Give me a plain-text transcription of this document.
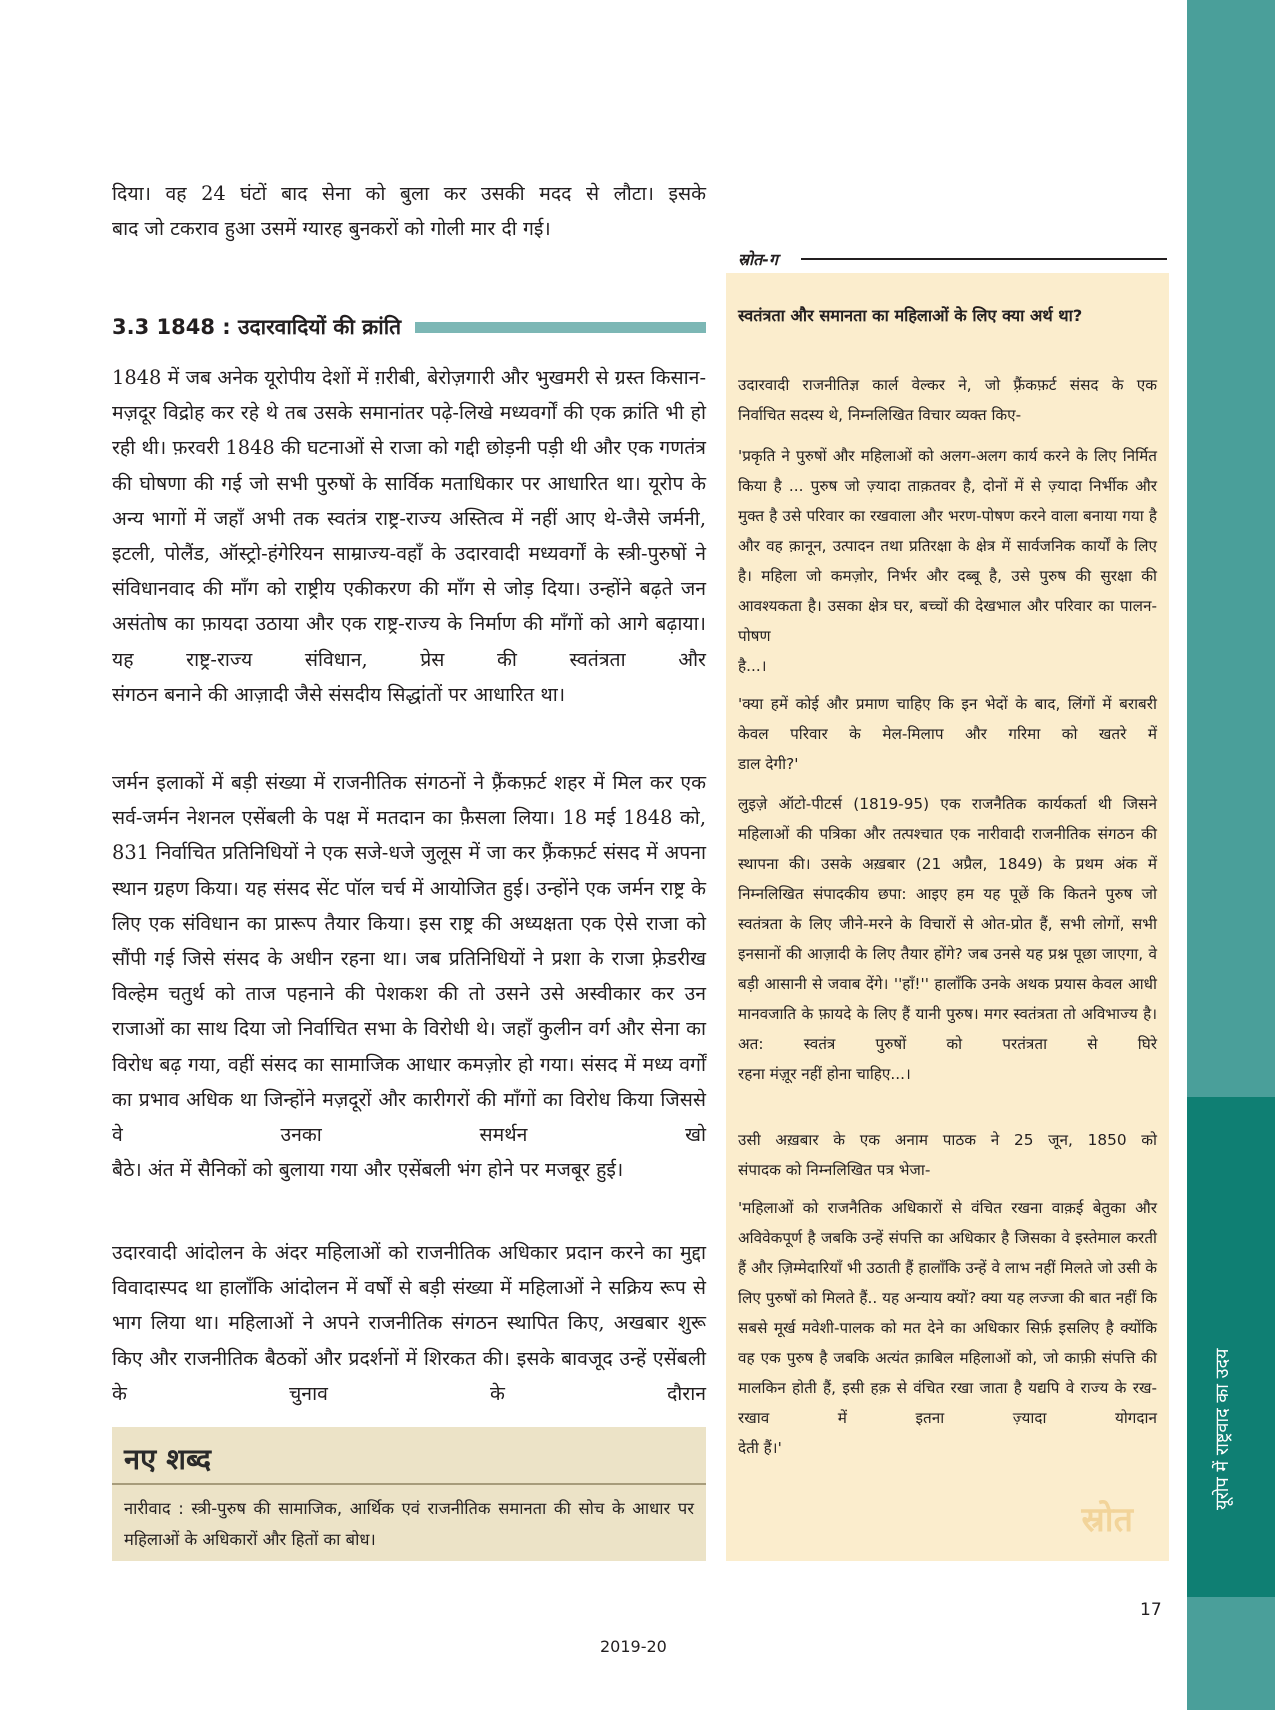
यूरोप में राष्ट्रवाद का उदय
दिया। वह 24 घंटों बाद सेना को बुला कर उसकी मदद से लौटा। इसके
बाद जो टकराव हुआ उसमें ग्यारह बुनकरों को गोली मार दी गई।
3.3 1848 : उदारवादियों की क्रांति
1848 में जब अनेक यूरोपीय देशों में ग़रीबी, बेरोज़गारी और भुखमरी से ग्रस्त किसान-मज़दूर विद्रोह कर रहे थे तब उसके समानांतर पढ़े-लिखे मध्यवर्गों की एक क्रांति भी हो रही थी। फ़रवरी 1848 की घटनाओं से राजा को गद्दी छोड़नी पड़ी थी और एक गणतंत्र की घोषणा की गई जो सभी पुरुषों के सार्विक मताधिकार पर आधारित था। यूरोप के अन्य भागों में जहाँ अभी तक स्वतंत्र राष्ट्र-राज्य अस्तित्व में नहीं आए थे-जैसे जर्मनी, इटली, पोलैंड, ऑस्ट्रो-हंगेरियन साम्राज्य-वहाँ के उदारवादी मध्यवर्गों के स्त्री-पुरुषों ने संविधानवाद की माँग को राष्ट्रीय एकीकरण की माँग से जोड़ दिया। उन्होंने बढ़ते जन असंतोष का फ़ायदा उठाया और एक राष्ट्र-राज्य के निर्माण की माँगों को आगे बढ़ाया। यह राष्ट्र-राज्य संविधान, प्रेस की स्वतंत्रता और
संगठन बनाने की आज़ादी जैसे संसदीय सिद्धांतों पर आधारित था।
जर्मन इलाकों में बड़ी संख्या में राजनीतिक संगठनों ने फ़्रैंकफ़र्ट शहर में मिल कर एक सर्व-जर्मन नेशनल एसेंबली के पक्ष में मतदान का फ़ैसला लिया। 18 मई 1848 को, 831 निर्वाचित प्रतिनिधियों ने एक सजे-धजे जुलूस में जा कर फ़्रैंकफ़र्ट संसद में अपना स्थान ग्रहण किया। यह संसद सेंट पॉल चर्च में आयोजित हुई। उन्होंने एक जर्मन राष्ट्र के लिए एक संविधान का प्रारूप तैयार किया। इस राष्ट्र की अध्यक्षता एक ऐसे राजा को सौंपी गई जिसे संसद के अधीन रहना था। जब प्रतिनिधियों ने प्रशा के राजा फ़्रेडरीख विल्हेम चतुर्थ को ताज पहनाने की पेशकश की तो उसने उसे अस्वीकार कर उन राजाओं का साथ दिया जो निर्वाचित सभा के विरोधी थे। जहाँ कुलीन वर्ग और सेना का विरोध बढ़ गया, वहीं संसद का सामाजिक आधार कमज़ोर हो गया। संसद में मध्य वर्गों का प्रभाव अधिक था जिन्होंने मज़दूरों और कारीगरों की माँगों का विरोध किया जिससे वे उनका समर्थन खो
बैठे। अंत में सैनिकों को बुलाया गया और एसेंबली भंग होने पर मजबूर हुई।
उदारवादी आंदोलन के अंदर महिलाओं को राजनीतिक अधिकार प्रदान करने का मुद्दा विवादास्पद था हालाँकि आंदोलन में वर्षों से बड़ी संख्या में महिलाओं ने सक्रिय रूप से भाग लिया था। महिलाओं ने अपने राजनीतिक संगठन स्थापित किए, अखबार शुरू किए और राजनीतिक बैठकों और प्रदर्शनों में शिरकत की। इसके बावजूद उन्हें एसेंबली के चुनाव के दौरान
नए शब्द
नारीवाद : स्त्री-पुरुष की सामाजिक, आर्थिक एवं राजनीतिक समानता की सोच के आधार पर महिलाओं के अधिकारों और हितों का बोध।
स्रोत-ग
स्वतंत्रता और समानता का महिलाओं के लिए क्या अर्थ था?
उदारवादी राजनीतिज्ञ कार्ल वेल्कर ने, जो फ़्रैंकफ़र्ट संसद के एक
निर्वाचित सदस्य थे, निम्नलिखित विचार व्यक्त किए-
'प्रकृति ने पुरुषों और महिलाओं को अलग-अलग कार्य करने के लिए निर्मित किया है ... पुरुष जो ज़्यादा ताक़तवर है, दोनों में से ज़्यादा निर्भीक और मुक्त है उसे परिवार का रखवाला और भरण-पोषण करने वाला बनाया गया है और वह क़ानून, उत्पादन तथा प्रतिरक्षा के क्षेत्र में सार्वजनिक कार्यों के लिए है। महिला जो कमज़ोर, निर्भर और दब्बू है, उसे पुरुष की सुरक्षा की आवश्यकता है। उसका क्षेत्र घर, बच्चों की देखभाल और परिवार का पालन-पोषण
है...।
'क्या हमें कोई और प्रमाण चाहिए कि इन भेदों के बाद, लिंगों में बराबरी केवल परिवार के मेल-मिलाप और गरिमा को खतरे में
डाल देगी?'
लुइज़े ऑटो-पीटर्स (1819-95) एक राजनैतिक कार्यकर्ता थी जिसने महिलाओं की पत्रिका और तत्पश्चात एक नारीवादी राजनीतिक संगठन की स्थापना की। उसके अख़बार (21 अप्रैल, 1849) के प्रथम अंक में निम्नलिखित संपादकीय छपा: आइए हम यह पूछें कि कितने पुरुष जो स्वतंत्रता के लिए जीने-मरने के विचारों से ओत-प्रोत हैं, सभी लोगों, सभी इनसानों की आज़ादी के लिए तैयार होंगे? जब उनसे यह प्रश्न पूछा जाएगा, वे बड़ी आसानी से जवाब देंगे। ''हाँ!'' हालाँकि उनके अथक प्रयास केवल आधी मानवजाति के फ़ायदे के लिए हैं यानी पुरुष। मगर स्वतंत्रता तो अविभाज्य है। अत: स्वतंत्र पुरुषों को परतंत्रता से घिरे
रहना मंज़ूर नहीं होना चाहिए...।
उसी अख़बार के एक अनाम पाठक ने 25 जून, 1850 को
संपादक को निम्नलिखित पत्र भेजा-
'महिलाओं को राजनैतिक अधिकारों से वंचित रखना वाक़ई बेतुका और अविवेकपूर्ण है जबकि उन्हें संपत्ति का अधिकार है जिसका वे इस्तेमाल करती हैं और ज़िम्मेदारियाँ भी उठाती हैं हालाँकि उन्हें वे लाभ नहीं मिलते जो उसी के लिए पुरुषों को मिलते हैं.. यह अन्याय क्यों? क्या यह लज्जा की बात नहीं कि सबसे मूर्ख मवेशी-पालक को मत देने का अधिकार सिर्फ़ इसलिए है क्योंकि वह एक पुरुष है जबकि अत्यंत क़ाबिल महिलाओं को, जो काफ़ी संपत्ति की मालकिन होती हैं, इसी हक़ से वंचित रखा जाता है यद्यपि वे राज्य के रख-रखाव में इतना ज़्यादा योगदान
देती हैं।'
स्रोत
17
2019-20
